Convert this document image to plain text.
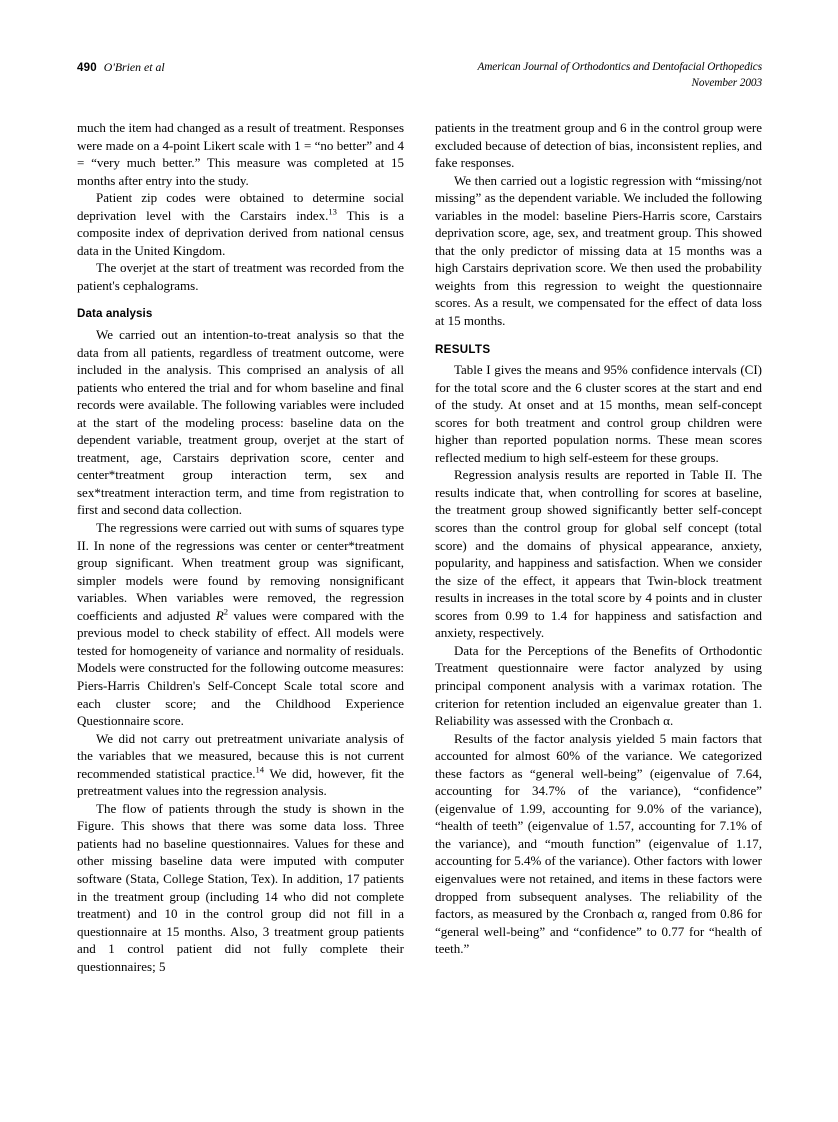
490 O'Brien et al	American Journal of Orthodontics and Dentofacial Orthopedics
November 2003

much the item had changed as a result of treatment. Responses were made on a 4-point Likert scale with 1 = “no better” and 4 = “very much better.” This measure was completed at 15 months after entry into the study.

Patient zip codes were obtained to determine social deprivation level with the Carstairs index.$^{13}$ This is a composite index of deprivation derived from national census data in the United Kingdom.

The overjet at the start of treatment was recorded from the patient's cephalograms.

Data analysis

We carried out an intention-to-treat analysis so that the data from all patients, regardless of treatment outcome, were included in the analysis. This comprised an analysis of all patients who entered the trial and for whom baseline and final records were available. The following variables were included at the start of the modeling process: baseline data on the dependent variable, treatment group, overjet at the start of treatment, age, Carstairs deprivation score, center and center*treatment group interaction term, sex and sex*treatment interaction term, and time from registration to first and second data collection.

The regressions were carried out with sums of squares type II. In none of the regressions was center or center*treatment group significant. When treatment group was significant, simpler models were found by removing nonsignificant variables. When variables were removed, the regression coefficients and adjusted $R^2$ values were compared with the previous model to check stability of effect. All models were tested for homogeneity of variance and normality of residuals. Models were constructed for the following outcome measures: Piers-Harris Children's Self-Concept Scale total score and each cluster score; and the Childhood Experience Questionnaire score.

We did not carry out pretreatment univariate analysis of the variables that we measured, because this is not current recommended statistical practice.$^{14}$ We did, however, fit the pretreatment values into the regression analysis.

The flow of patients through the study is shown in the Figure. This shows that there was some data loss. Three patients had no baseline questionnaires. Values for these and other missing baseline data were imputed with computer software (Stata, College Station, Tex). In addition, 17 patients in the treatment group (including 14 who did not complete treatment) and 10 in the control group did not fill in a questionnaire at 15 months. Also, 3 treatment group patients and 1 control patient did not fully complete their questionnaires; 5

patients in the treatment group and 6 in the control group were excluded because of detection of bias, inconsistent replies, and fake responses.

We then carried out a logistic regression with “missing/not missing” as the dependent variable. We included the following variables in the model: baseline Piers-Harris score, Carstairs deprivation score, age, sex, and treatment group. This showed that the only predictor of missing data at 15 months was a high Carstairs deprivation score. We then used the probability weights from this regression to weight the questionnaire scores. As a result, we compensated for the effect of data loss at 15 months.

RESULTS

Table I gives the means and 95% confidence intervals (CI) for the total score and the 6 cluster scores at the start and end of the study. At onset and at 15 months, mean self-concept scores for both treatment and control group children were higher than reported population norms. These mean scores reflected medium to high self-esteem for these groups.

Regression analysis results are reported in Table II. The results indicate that, when controlling for scores at baseline, the treatment group showed significantly better self-concept scores than the control group for global self concept (total score) and the domains of physical appearance, anxiety, popularity, and happiness and satisfaction. When we consider the size of the effect, it appears that Twin-block treatment results in increases in the total score by 4 points and in cluster scores from 0.99 to 1.4 for happiness and satisfaction and anxiety, respectively.

Data for the Perceptions of the Benefits of Orthodontic Treatment questionnaire were factor analyzed by using principal component analysis with a varimax rotation. The criterion for retention included an eigenvalue greater than 1. Reliability was assessed with the Cronbach α.

Results of the factor analysis yielded 5 main factors that accounted for almost 60% of the variance. We categorized these factors as “general well-being” (eigenvalue of 7.64, accounting for 34.7% of the variance), “confidence” (eigenvalue of 1.99, accounting for 9.0% of the variance), “health of teeth” (eigenvalue of 1.57, accounting for 7.1% of the variance), and “mouth function” (eigenvalue of 1.17, accounting for 5.4% of the variance). Other factors with lower eigenvalues were not retained, and items in these factors were dropped from subsequent analyses. The reliability of the factors, as measured by the Cronbach α, ranged from 0.86 for “general well-being” and “confidence” to 0.77 for “health of teeth.”
